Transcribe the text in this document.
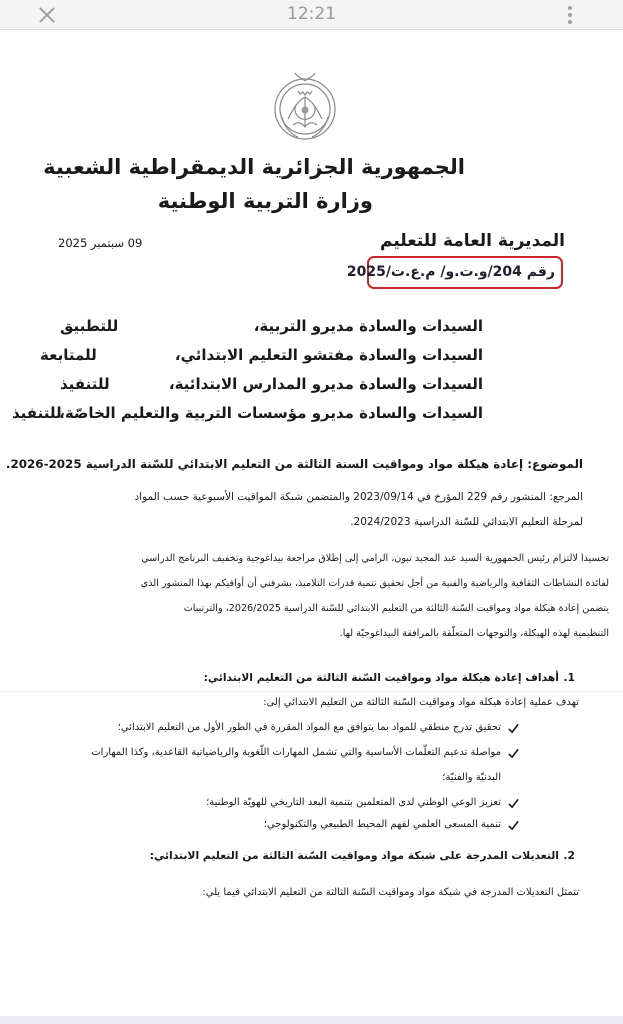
12:21
الجمهورية الجزائرية الديمقراطية الشعبية
وزارة التربية الوطنية
المديرية العامة للتعليم
09 سبتمبر 2025
رقم 204/و.ت.و/ م.ع.ت/2025
السيدات والسادة مديرو التربية،
السيدات والسادة مفتشو التعليم الابتدائي،
السيدات والسادة مديرو المدارس الابتدائية،
السيدات والسادة مديرو مؤسسات التربية والتعليم الخاصّة،
للتطبيق
للمتابعة
للتنفيذ
للتنفيذ
الموضوع: إعادة هيكلة مواد ومواقيت السنة الثالثة من التعليم الابتدائي للسّنة الدراسية 2025-2026.
المرجع: المنشور رقم 229 المؤرخ في 2023/09/14 والمتضمن شبكة المواقيت الأسبوعية حسب المواد
لمرحلة التعليم الابتدائي للسّنة الدراسية 2024/2023.
تجسيدا لالتزام رئيس الجمهورية السيد عبد المجيد تبون، الرامي إلى إطلاق مراجعة بيداغوجية وتخفيف البرنامج الدراسي
لفائدة النشاطات الثقافية والرياضية والفنية من أجل تحقيق تنمية قدرات التلاميذ، يشرفني أن أوافيكم بهذا المنشور الذي
يتضمن إعادة هيكلة مواد ومواقيت السّنة الثالثة من التعليم الابتدائي للسّنة الدراسية 2026/2025، والترتيبات
التنظيمية لهذه الهيكلة، والتوجهات المتعلّقة بالمرافقة البيداغوجيّة لها.
.1
أهداف إعادة هيكلة مواد ومواقيت السّنة الثالثة من التعليم الابتدائي:
تهدف عملية إعادة هيكلة مواد ومواقيت السّنة الثالثة من التعليم الابتدائي إلى:
تحقيق تدرج منطقي للمواد بما يتوافق مع المواد المقررة في الطور الأول من التعليم الابتدائي؛
مواصلة تدعيم التعلّمات الأساسية والتي تشمل المهارات اللّغوية والرياضياتية القاعدية، وكذا المهارات
البدنيّة والفنيّة؛
تعزيز الوعي الوطني لدى المتعلمين بتنمية البعد التاريخي للهويّة الوطنية؛
تنمية المسعى العلمي لفهم المحيط الطبيعي والتكنولوجي؛
.2
التعديلات المدرجة على شبكة مواد ومواقيت السّنة الثالثة من التعليم الابتدائي:
تتمثل التعديلات المدرجة في شبكة مواد ومواقيت السّنة الثالثة من التعليم الابتدائي فيما يلي:
